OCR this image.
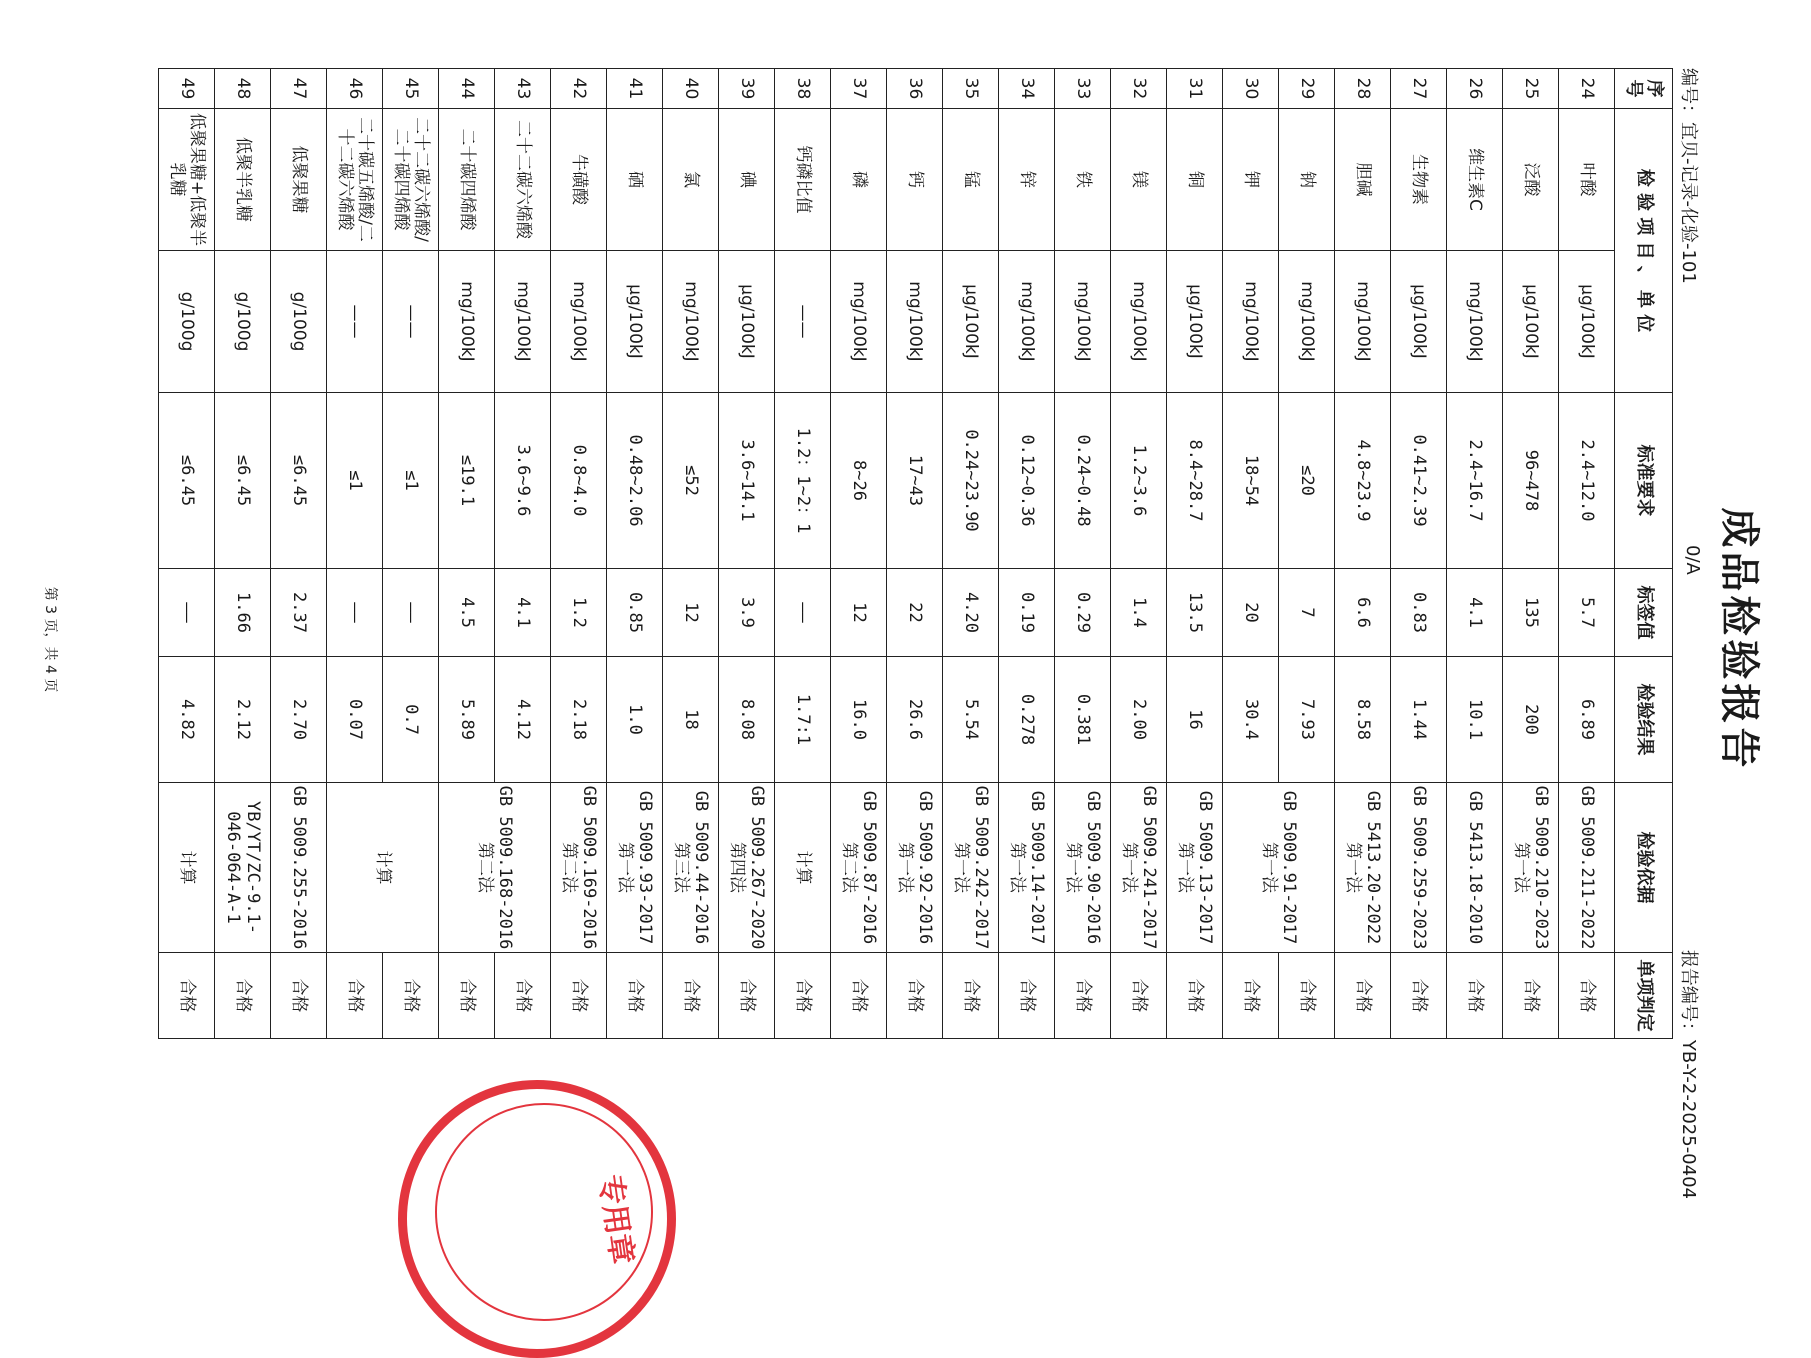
成品检验报告
编号：宜贝-记录-化验-101
0/A
报告编号：YB-Y-2-2025-0404
序号	检 验 项 目 、 单 位		标准要求	标签值	检验结果	检验依据	单项判定
24	叶酸	μg/100kJ	2.4~12.0	5.7	6.89	GB 5009.211-2022	合格
25	泛酸	μg/100kJ	96~478	135	200	GB 5009.210-2023 第一法	合格
26	维生素C	mg/100kJ	2.4~16.7	4.1	10.1	GB 5413.18-2010	合格
27	生物素	μg/100kJ	0.41~2.39	0.83	1.44	GB 5009.259-2023	合格
28	胆碱	mg/100kJ	4.8~23.9	6.6	8.58	GB 5413.20-2022 第一法	合格
29	钠	mg/100kJ	≤20	7	7.93	GB 5009.91-2017 第一法	合格
30	钾	mg/100kJ	18~54	20	30.4		合格
31	铜	μg/100kJ	8.4~28.7	13.5	16	GB 5009.13-2017 第一法	合格
32	镁	mg/100kJ	1.2~3.6	1.4	2.00	GB 5009.241-2017 第一法	合格
33	铁	mg/100kJ	0.24~0.48	0.29	0.381	GB 5009.90-2016 第一法	合格
34	锌	mg/100kJ	0.12~0.36	0.19	0.278	GB 5009.14-2017 第一法	合格
35	锰	μg/100kJ	0.24~23.90	4.20	5.54	GB 5009.242-2017 第一法	合格
36	钙	mg/100kJ	17~43	22	26.6	GB 5009.92-2016 第一法	合格
37	磷	mg/100kJ	8~26	12	16.0	GB 5009.87-2016 第二法	合格
38	钙磷比值	——	1.2：1~2：1	——	1.7:1	计算	合格
39	碘	μg/100kJ	3.6~14.1	3.9	8.08	GB 5009.267-2020 第四法	合格
40	氯	mg/100kJ	≤52	12	18	GB 5009.44-2016 第三法	合格
41	硒	μg/100kJ	0.48~2.06	0.85	1.0	GB 5009.93-2017 第一法	合格
42	牛磺酸	mg/100kJ	0.8~4.0	1.2	2.18	GB 5009.169-2016 第二法	合格
43	二十二碳六烯酸	mg/100kJ	3.6~9.6	4.1	4.12	GB 5009.168-2016 第二法	合格
44	二十碳四烯酸	mg/100kJ	≤19.1	4.5	5.89		合格
45	二十二碳六烯酸/二十碳四烯酸	——	≤1	——	0.7	计算	合格
46	二十碳五烯酸/二十二碳六烯酸	——	≤1	——	0.07		合格
47	低聚果糖	g/100g	≤6.45	2.37	2.70	GB 5009.255-2016	合格
48	低聚半乳糖	g/100g	≤6.45	1.66	2.12	YB/YT/ZC-9.1-046-064-A-1	合格
49	低聚果糖+低聚半乳糖	g/100g	≤6.45	——	4.82	计算	合格
第 3 页，共 4 页
专用章
